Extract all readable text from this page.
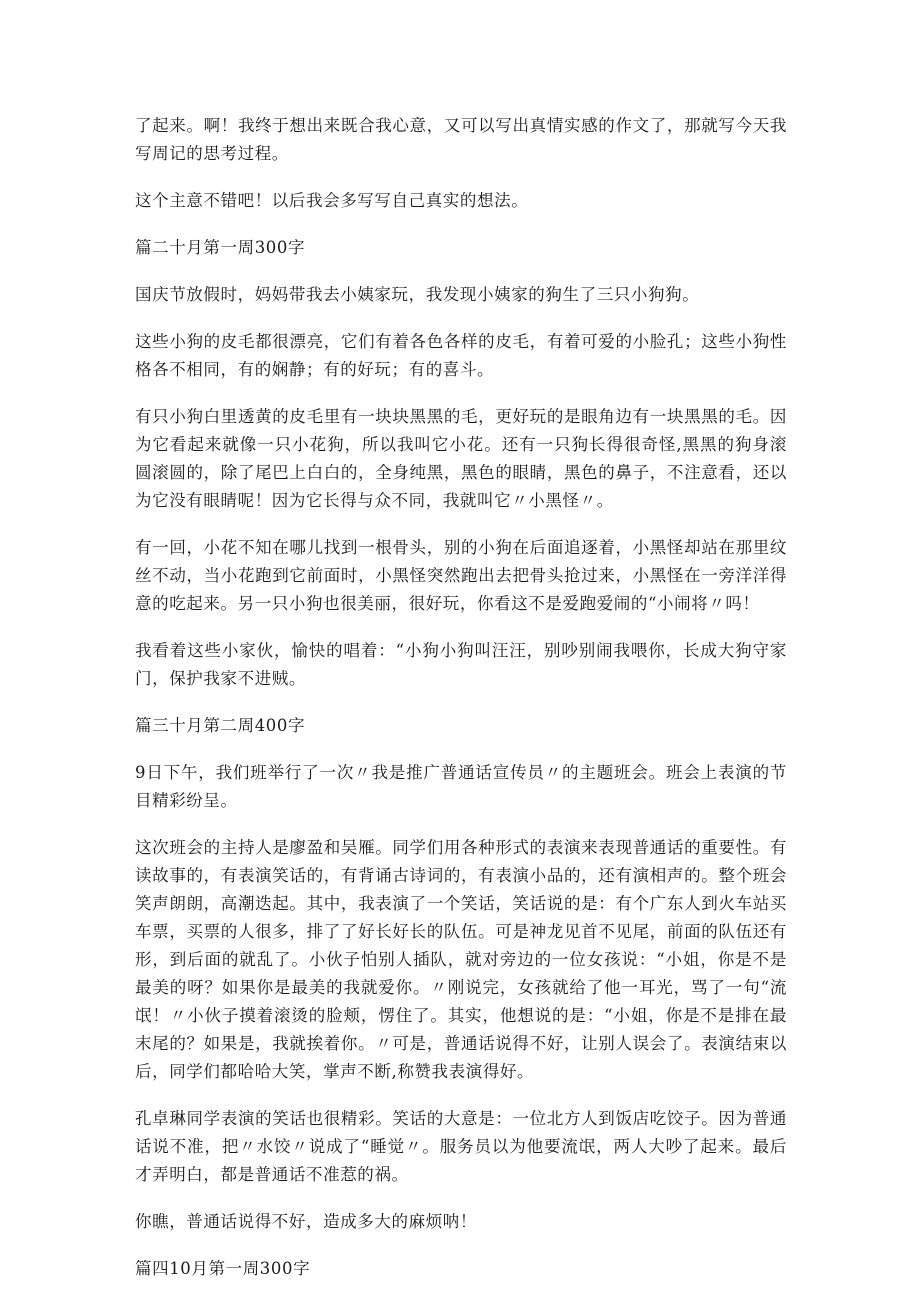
了起来。啊！我终于想出来既合我心意，又可以写出真情实感的作文了，那就写今天我写周记的思考过程。

这个主意不错吧！以后我会多写写自己真实的想法。

篇二十月第一周300字

国庆节放假时，妈妈带我去小姨家玩，我发现小姨家的狗生了三只小狗狗。

这些小狗的皮毛都很漂亮，它们有着各色各样的皮毛，有着可爱的小脸孔；这些小狗性格各不相同，有的娴静；有的好玩；有的喜斗。

有只小狗白里透黄的皮毛里有一块块黑黑的毛，更好玩的是眼角边有一块黑黑的毛。因为它看起来就像一只小花狗，所以我叫它小花。还有一只狗长得很奇怪,黑黑的狗身滚圆滚圆的，除了尾巴上白白的，全身纯黑，黑色的眼睛，黑色的鼻子，不注意看，还以为它没有眼睛呢！因为它长得与众不同，我就叫它〃小黑怪〃。

有一回，小花不知在哪儿找到一根骨头，别的小狗在后面追逐着，小黑怪却站在那里纹丝不动，当小花跑到它前面时，小黑怪突然跑出去把骨头抢过来，小黑怪在一旁洋洋得意的吃起来。另一只小狗也很美丽，很好玩，你看这不是爱跑爱闹的“小闹将〃吗！

我看着这些小家伙，愉快的唱着：“小狗小狗叫汪汪，别吵别闹我喂你，长成大狗守家门，保护我家不进贼。

篇三十月第二周400字

9日下午，我们班举行了一次〃我是推广普通话宣传员〃的主题班会。班会上表演的节目精彩纷呈。

这次班会的主持人是廖盈和吴雁。同学们用各种形式的表演来表现普通话的重要性。有读故事的，有表演笑话的，有背诵古诗词的，有表演小品的，还有演相声的。整个班会笑声朗朗，高潮迭起。其中，我表演了一个笑话，笑话说的是：有个广东人到火车站买车票，买票的人很多，排了了好长好长的队伍。可是神龙见首不见尾，前面的队伍还有形，到后面的就乱了。小伙子怕别人插队，就对旁边的一位女孩说：“小姐，你是不是最美的呀？如果你是最美的我就爱你。〃刚说完，女孩就给了他一耳光，骂了一句“流氓！〃小伙子摸着滚烫的脸颊，愣住了。其实，他想说的是：“小姐，你是不是排在最末尾的？如果是，我就挨着你。〃可是，普通话说得不好，让别人误会了。表演结束以后，同学们都哈哈大笑，掌声不断,称赞我表演得好。

孔卓琳同学表演的笑话也很精彩。笑话的大意是：一位北方人到饭店吃饺子。因为普通话说不准，把〃水饺〃说成了“睡觉〃。服务员以为他要流氓，两人大吵了起来。最后才弄明白，都是普通话不准惹的祸。

你瞧，普通话说得不好，造成多大的麻烦呐！

篇四10月第一周300字
